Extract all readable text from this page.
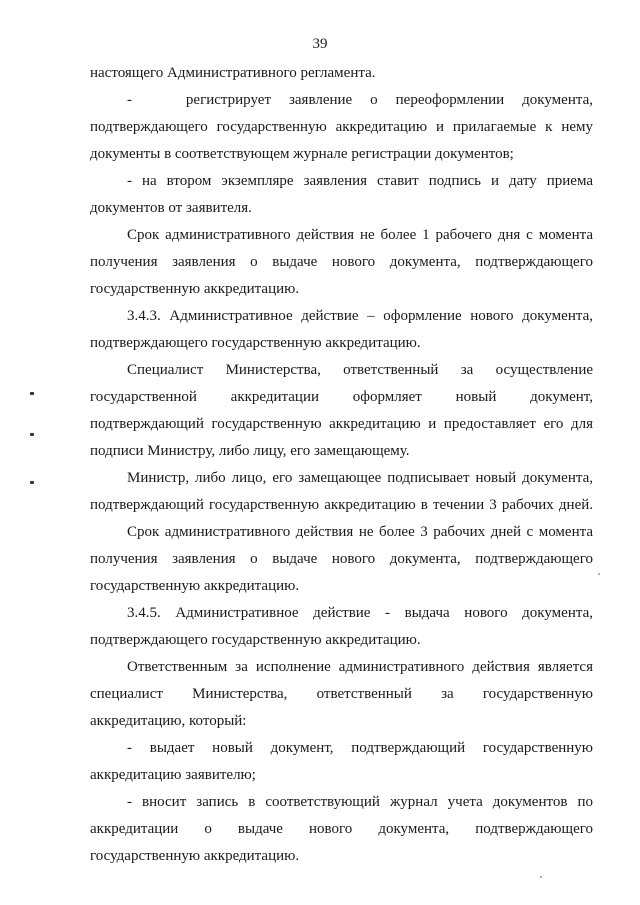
39
настоящего Административного регламента.
-   регистрирует заявление о переоформлении документа,
подтверждающего государственную аккредитацию и прилагаемые к нему
документы в соответствующем журнале регистрации документов;
- на втором экземпляре заявления ставит подпись и дату приема
документов от заявителя.
Срок административного действия не более 1 рабочего дня с момента
получения заявления о выдаче нового документа, подтверждающего
государственную аккредитацию.
3.4.3. Административное действие – оформление нового документа,
подтверждающего государственную аккредитацию.
Специалист Министерства, ответственный за осуществление
государственной аккредитации оформляет новый документ,
подтверждающий государственную аккредитацию и предоставляет его для
подписи Министру, либо лицу, его замещающему.
Министр, либо лицо, его замещающее подписывает новый документа,
подтверждающий государственную аккредитацию в течении 3 рабочих дней.
Срок административного действия не более 3 рабочих дней с момента
получения заявления о выдаче нового документа, подтверждающего
государственную аккредитацию.
3.4.5. Административное действие - выдача нового документа,
подтверждающего государственную аккредитацию.
Ответственным за исполнение административного действия является
специалист Министерства, ответственный за государственную
аккредитацию, который:
- выдает новый документ, подтверждающий государственную
аккредитацию заявителю;
- вносит запись в соответствующий журнал учета документов по
аккредитации о выдаче нового документа, подтверждающего
государственную аккредитацию.
